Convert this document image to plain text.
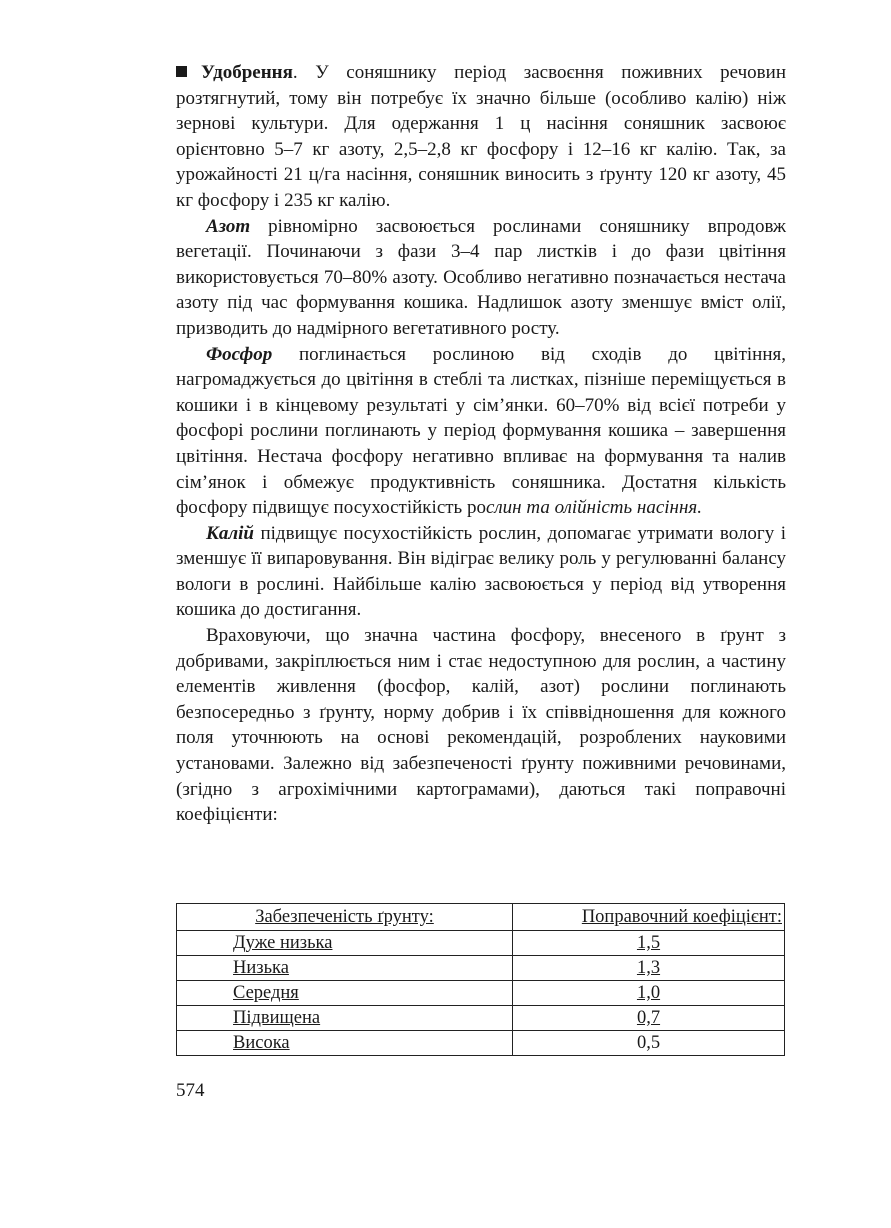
Удобрення. У соняшнику період засвоєння поживних речовин розтягнутий, тому він потребує їх значно більше (особливо калію) ніж зернові культури. Для одержання 1 ц насіння соняшник засвоює орієнтовно 5–7 кг азоту, 2,5–2,8 кг фосфору і 12–16 кг калію. Так, за урожайності 21 ц/га насіння, соняшник виносить з ґрунту 120 кг азоту, 45 кг фосфору і 235 кг калію.

Азот рівномірно засвоюється рослинами соняшнику впродовж вегетації. Починаючи з фази 3–4 пар листків і до фази цвітіння використовується 70–80% азоту. Особливо негативно позначається нестача азоту під час формування кошика. Надлишок азоту зменшує вміст олії, призводить до надмірного вегетативного росту.

Фосфор поглинається рослиною від сходів до цвітіння, нагромаджується до цвітіння в стеблі та листках, пізніше переміщується в кошики і в кінцевому результаті у сім’янки. 60–70% від всієї потреби у фосфорі рослини поглинають у період формування кошика – завершення цвітіння. Нестача фосфору негативно впливає на формування та налив сім’янок і обмежує продуктивність соняшника. Достатня кількість фосфору підвищує посухостійкість рослин та олійність насіння.

Калій підвищує посухостійкість рослин, допомагає утримати вологу і зменшує її випаровування. Він відіграє велику роль у регулюванні балансу вологи в рослині. Найбільше калію засвоюється у період від утворення кошика до достигання.

Враховуючи, що значна частина фосфору, внесеного в ґрунт з добривами, закріплюється ним і стає недоступною для рослин, а частину елементів живлення (фосфор, калій, азот) рослини поглинають безпосередньо з ґрунту, норму добрив і їх співвідношення для кожного поля уточнюють на основі рекомендацій, розроблених науковими установами. Залежно від забезпеченості ґрунту поживними речовинами, (згідно з агрохімічними картограмами), даються такі поправочні коефіцієнти:

Забезпеченість ґрунту:	Поправочний коефіцієнт:
Дуже низька	1,5
Низька	1,3
Середня	1,0
Підвищена	0,7
Висока	0,5
574
